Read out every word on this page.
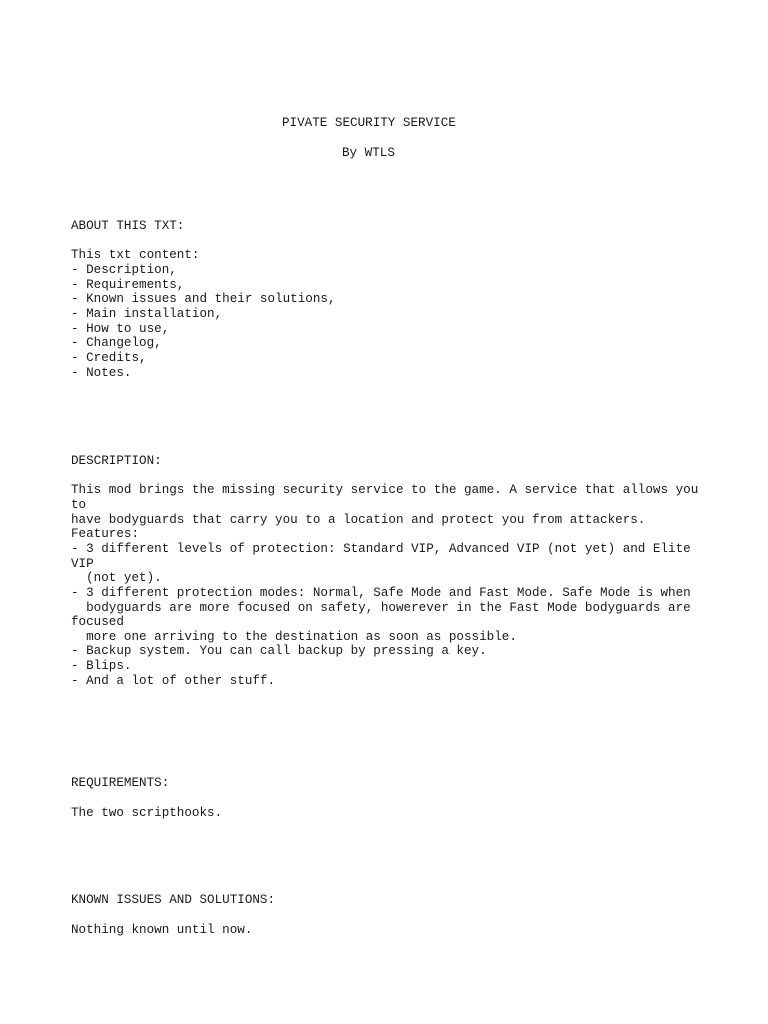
PIVATE SECURITY SERVICE
By WTLS
ABOUT THIS TXT:
This txt content:
- Description,
- Requirements,
- Known issues and their solutions,
- Main installation,
- How to use,
- Changelog,
- Credits,
- Notes.
DESCRIPTION:
This mod brings the missing security service to the game. A service that allows you
to
have bodyguards that carry you to a location and protect you from attackers.
Features:
- 3 different levels of protection: Standard VIP, Advanced VIP (not yet) and Elite
VIP
(not yet).
- 3 different protection modes: Normal, Safe Mode and Fast Mode. Safe Mode is when
bodyguards are more focused on safety, howerever in the Fast Mode bodyguards are
focused
more one arriving to the destination as soon as possible.
- Backup system. You can call backup by pressing a key.
- Blips.
- And a lot of other stuff.
REQUIREMENTS:
The two scripthooks.
KNOWN ISSUES AND SOLUTIONS:
Nothing known until now.
